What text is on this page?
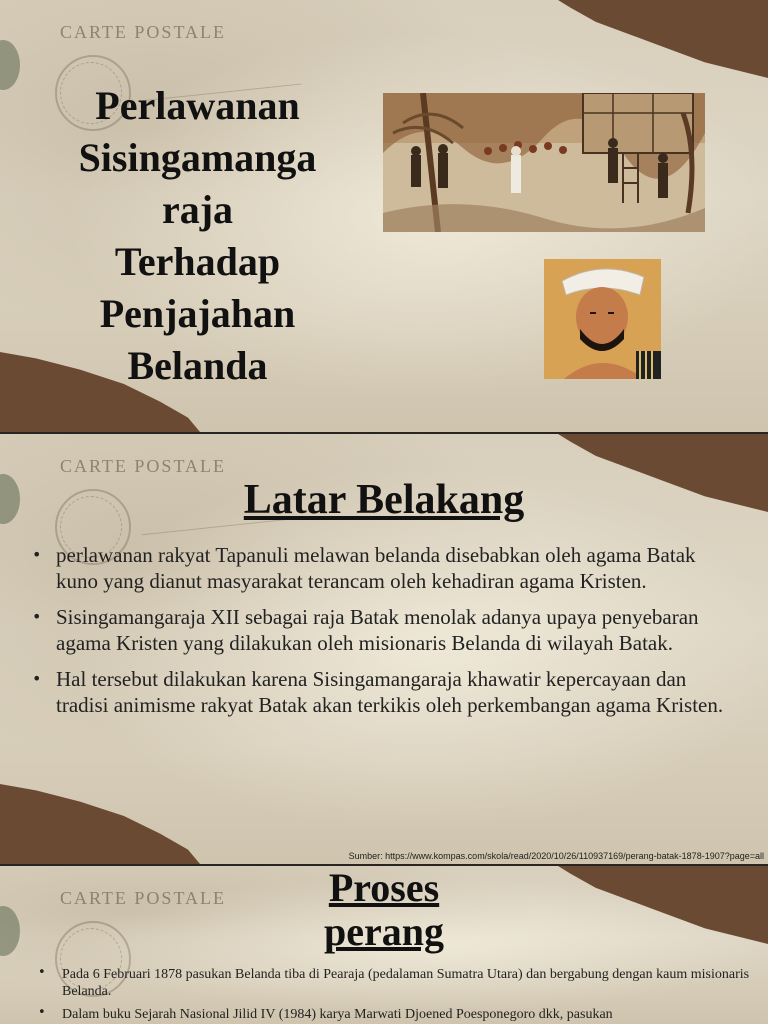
CARTE POSTALE
Perlawanan
Sisingamanga
raja
Terhadap
Penjajahan
Belanda
CARTE POSTALE
Latar Belakang
• perlawanan rakyat Tapanuli melawan belanda disebabkan oleh agama Batak kuno yang dianut masyarakat terancam oleh kehadiran agama Kristen.
• Sisingamangaraja XII sebagai raja Batak menolak adanya upaya penyebaran agama Kristen yang dilakukan oleh misionaris Belanda di wilayah Batak.
• Hal tersebut dilakukan karena Sisingamangaraja khawatir kepercayaan dan tradisi animisme rakyat Batak akan terkikis oleh perkembangan agama Kristen.
Sumber: https://www.kompas.com/skola/read/2020/10/26/110937169/perang-batak-1878-1907?page=all
CARTE POSTALE	Proses
perang
• Pada 6 Februari 1878 pasukan Belanda tiba di Pearaja (pedalaman Sumatra Utara) dan bergabung dengan kaum misionaris Belanda.
• Dalam buku Sejarah Nasional Jilid IV (1984) karya Marwati Djoened Poesponegoro dkk, pasukan
